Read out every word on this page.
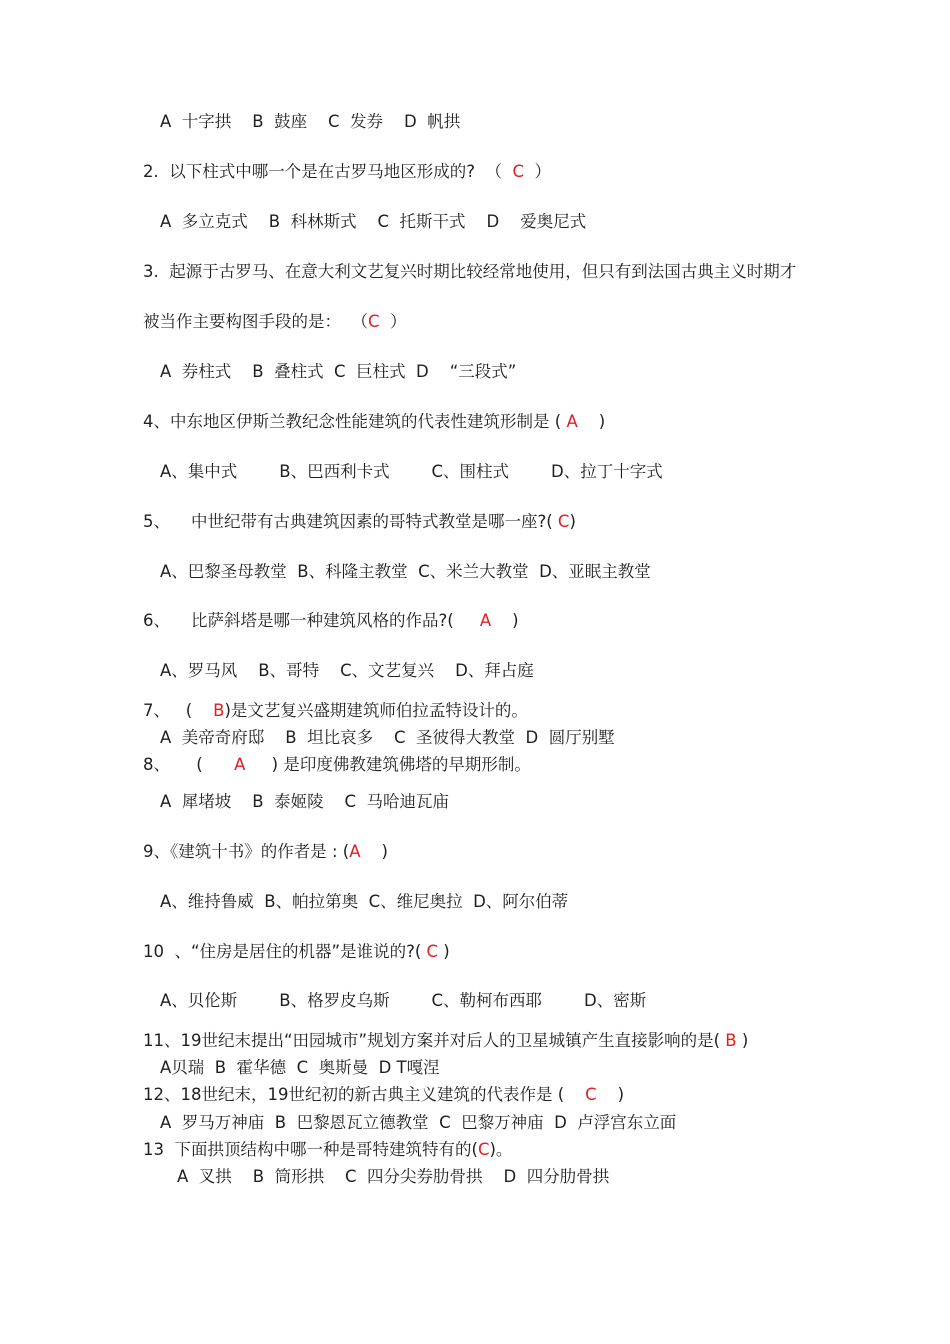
A  十字拱    B  鼓座    C  发券    D  帆拱
2.  以下柱式中哪一个是在古罗马地区形成的?  （  C  ）
A  多立克式    B  科林斯式    C  托斯干式    D    爱奥尼式
3.  起源于古罗马、在意大利文艺复兴时期比较经常地使用，但只有到法国古典主义时期才
被当作主要构图手段的是：  （C  ）
A  券柱式    B  叠柱式  C  巨柱式  D    “三段式”
4、中东地区伊斯兰教纪念性能建筑的代表性建筑形制是 ( A    )
A、集中式        B、巴西利卡式        C、围柱式        D、拉丁十字式
5、    中世纪带有古典建筑因素的哥特式教堂是哪一座?( C)
A、巴黎圣母教堂  B、科隆主教堂  C、米兰大教堂  D、亚眠主教堂
6、    比萨斜塔是哪一种建筑风格的作品?(     A    )
A、罗马风    B、哥特    C、文艺复兴    D、拜占庭
7、   (    B)是文艺复兴盛期建筑师伯拉孟特设计的。
A  美帝奇府邸    B  坦比哀多    C  圣彼得大教堂  D  圆厅别墅
8、     (      A     ) 是印度佛教建筑佛塔的早期形制。
A  犀堵坡    B  泰姬陵    C  马哈迪瓦庙
9、《建筑十书》的作者是 : (A    )
A、维持鲁威  B、帕拉第奥  C、维尼奥拉  D、阿尔伯蒂
10  、“住房是居住的机器”是谁说的?( C )
A、贝伦斯        B、格罗皮乌斯        C、勒柯布西耶        D、密斯
11、19世纪末提出“田园城市”规划方案并对后人的卫星城镇产生直接影响的是( B )
A贝瑞  B  霍华德  C  奥斯曼  D T嘎涅
12、18世纪末，19世纪初的新古典主义建筑的代表作是 (    C    )
A  罗马万神庙  B  巴黎恩瓦立德教堂  C  巴黎万神庙  D  卢浮宫东立面
13  下面拱顶结构中哪一种是哥特建筑特有的(C)。
A  叉拱    B  筒形拱    C  四分尖券肋骨拱    D  四分肋骨拱
